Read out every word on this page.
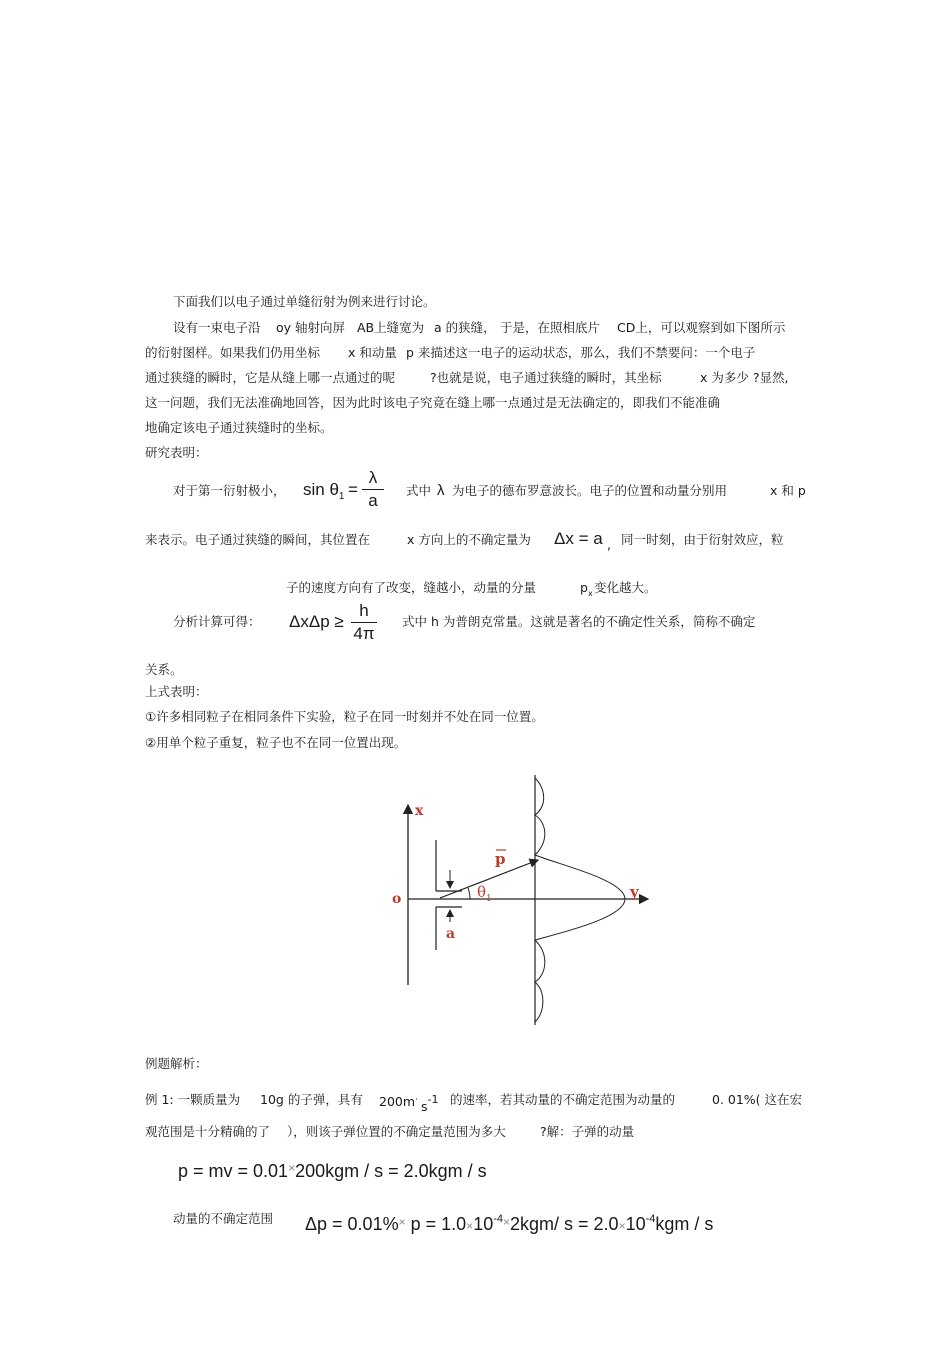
下面我们以电子通过单缝衍射为例来进行讨论。
设有一束电子沿 oy 轴射向屏 AB上缝宽为 a 的狭缝， 于是，在照相底片 CD上，可以观察到如下图所示
的衍射图样。如果我们仍用坐标 x 和动量 p 来描述这一电子的运动状态，那么，我们不禁要问：一个电子
通过狭缝的瞬时，它是从缝上哪一点通过的呢	?也就是说，电子通过狭缝的瞬时，其坐标	x 为多少 ?显然,
这一问题，我们无法准确地回答，因为此时该电子究竟在缝上哪一点通过是无法确定的，即我们不能准确
地确定该电子通过狭缝时的坐标。
研究表明：
对于第一衍射极小， $\sin \theta_1$ =
λ
a
式中 λ 为电子的德布罗意波长。电子的位置和动量分别用	x 和 p
来表示。电子通过狭缝的瞬间，其位置在	x 方向上的不确定量为 Δx = a , 同一时刻，由于衍射效应，粒
子的速度方向有了改变，缝越小，动量的分量	$p_x$ 变化越大。
分析计算可得： ΔxΔp ≥
h
4π
式中 h 为普朗克常量。这就是著名的不确定性关系，简称不确定
关系。
上式表明：
①许多相同粒子在相同条件下实验，粒子在同一时刻并不处在同一位置。
②用单个粒子重复，粒子也不在同一位置出现。
x
o	y
p
$\theta_1$
a
例题解析：
例 1: 一颗质量为 10g 的子弹，具有 200m· s-1 的速率，若其动量的不确定范围为动量的	0. 01%( 这在宏
观范围是十分精确的了 ），则该子弹位置的不确定量范围为多大	?解：子弹的动量
p = mv = 0.01×200kgm / s = 2.0kgm / s
动量的不确定范围 Δp = 0.01%× $p = 1.0\times 10^{-4\times}2kgm/$ $s = 2.0\times 10^{-4}kgm / s$
